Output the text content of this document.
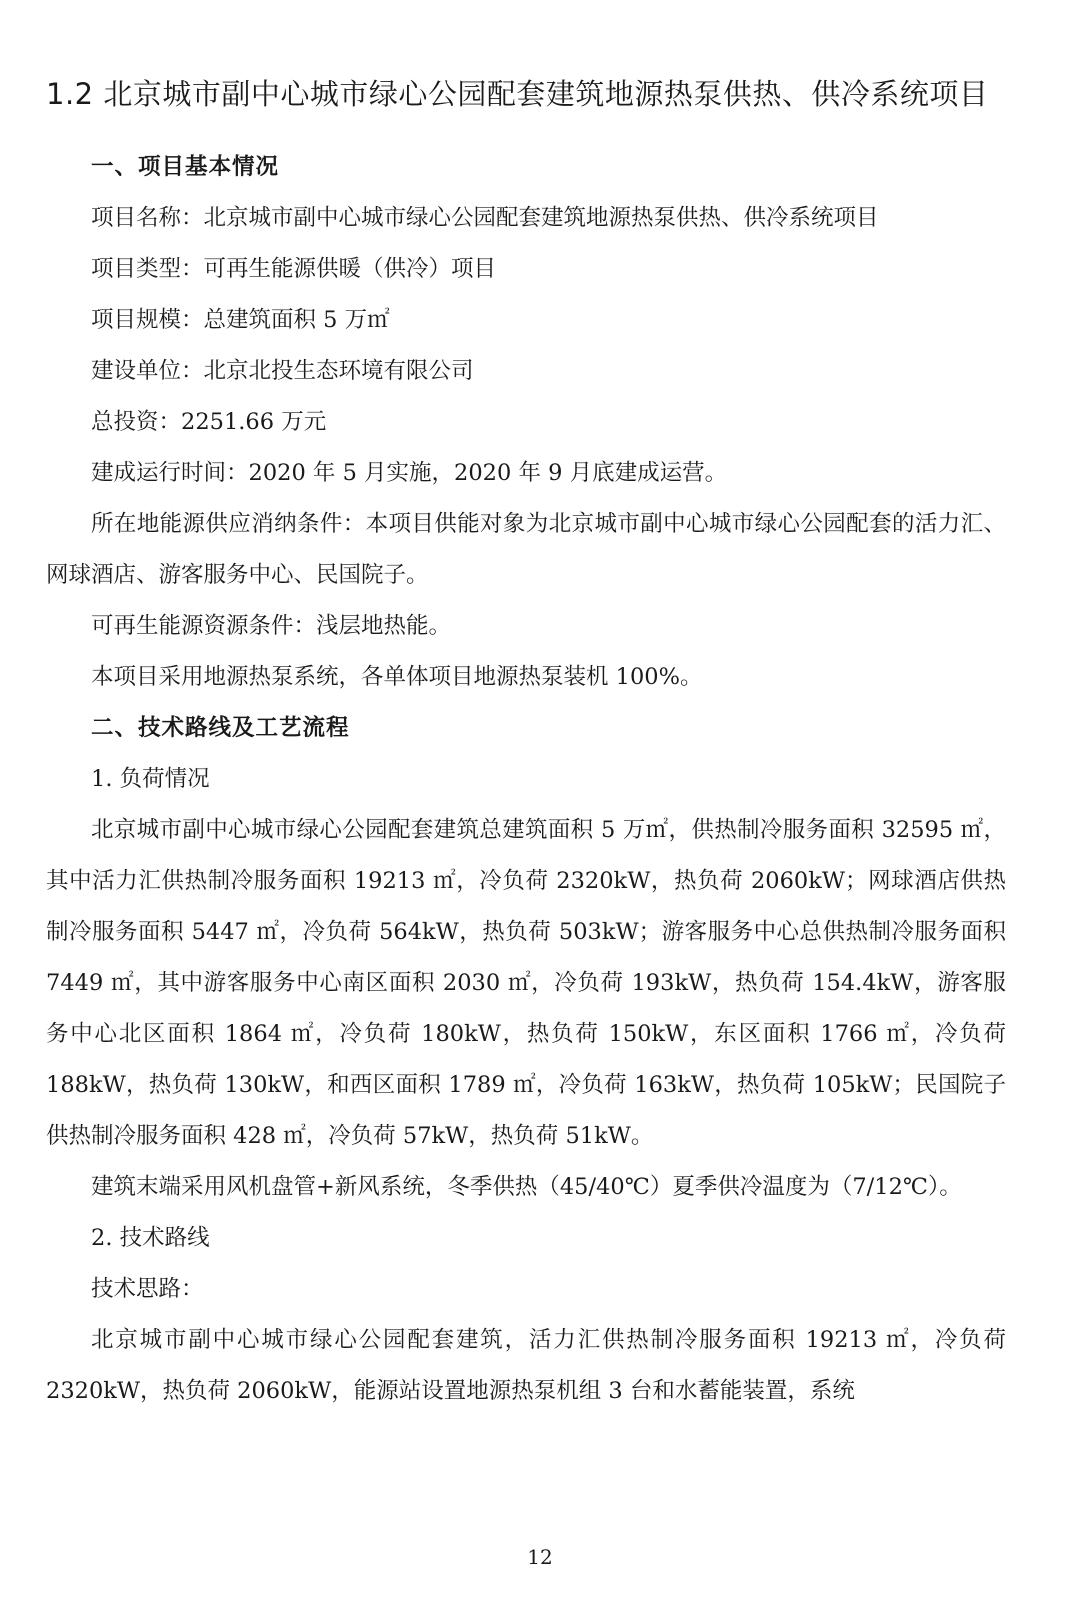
1.2 北京城市副中心城市绿心公园配套建筑地源热泵供热、供冷系统项目

一、项目基本情况

项目名称：北京城市副中心城市绿心公园配套建筑地源热泵供热、供冷系统项目

项目类型：可再生能源供暖（供冷）项目

项目规模：总建筑面积 5 万㎡

建设单位：北京北投生态环境有限公司

总投资：2251.66 万元

建成运行时间：2020 年 5 月实施，2020 年 9 月底建成运营。

所在地能源供应消纳条件：本项目供能对象为北京城市副中心城市绿心公园配套的活力汇、网球酒店、游客服务中心、民国院子。

可再生能源资源条件：浅层地热能。

本项目采用地源热泵系统，各单体项目地源热泵装机 100%。

二、技术路线及工艺流程

1. 负荷情况

北京城市副中心城市绿心公园配套建筑总建筑面积 5 万㎡，供热制冷服务面积 32595 ㎡，其中活力汇供热制冷服务面积 19213 ㎡，冷负荷 2320kW，热负荷 2060kW；网球酒店供热制冷服务面积 5447 ㎡，冷负荷 564kW，热负荷 503kW；游客服务中心总供热制冷服务面积 7449 ㎡，其中游客服务中心南区面积 2030 ㎡，冷负荷 193kW，热负荷 154.4kW，游客服务中心北区面积 1864 ㎡，冷负荷 180kW，热负荷 150kW，东区面积 1766 ㎡，冷负荷 188kW，热负荷 130kW，和西区面积 1789 ㎡，冷负荷 163kW，热负荷 105kW；民国院子供热制冷服务面积 428 ㎡，冷负荷 57kW，热负荷 51kW。

建筑末端采用风机盘管+新风系统，冬季供热（45/40℃）夏季供冷温度为（7/12℃）。

2. 技术路线

技术思路：

北京城市副中心城市绿心公园配套建筑，活力汇供热制冷服务面积 19213 ㎡，冷负荷 2320kW，热负荷 2060kW，能源站设置地源热泵机组 3 台和水蓄能装置，系统

12
